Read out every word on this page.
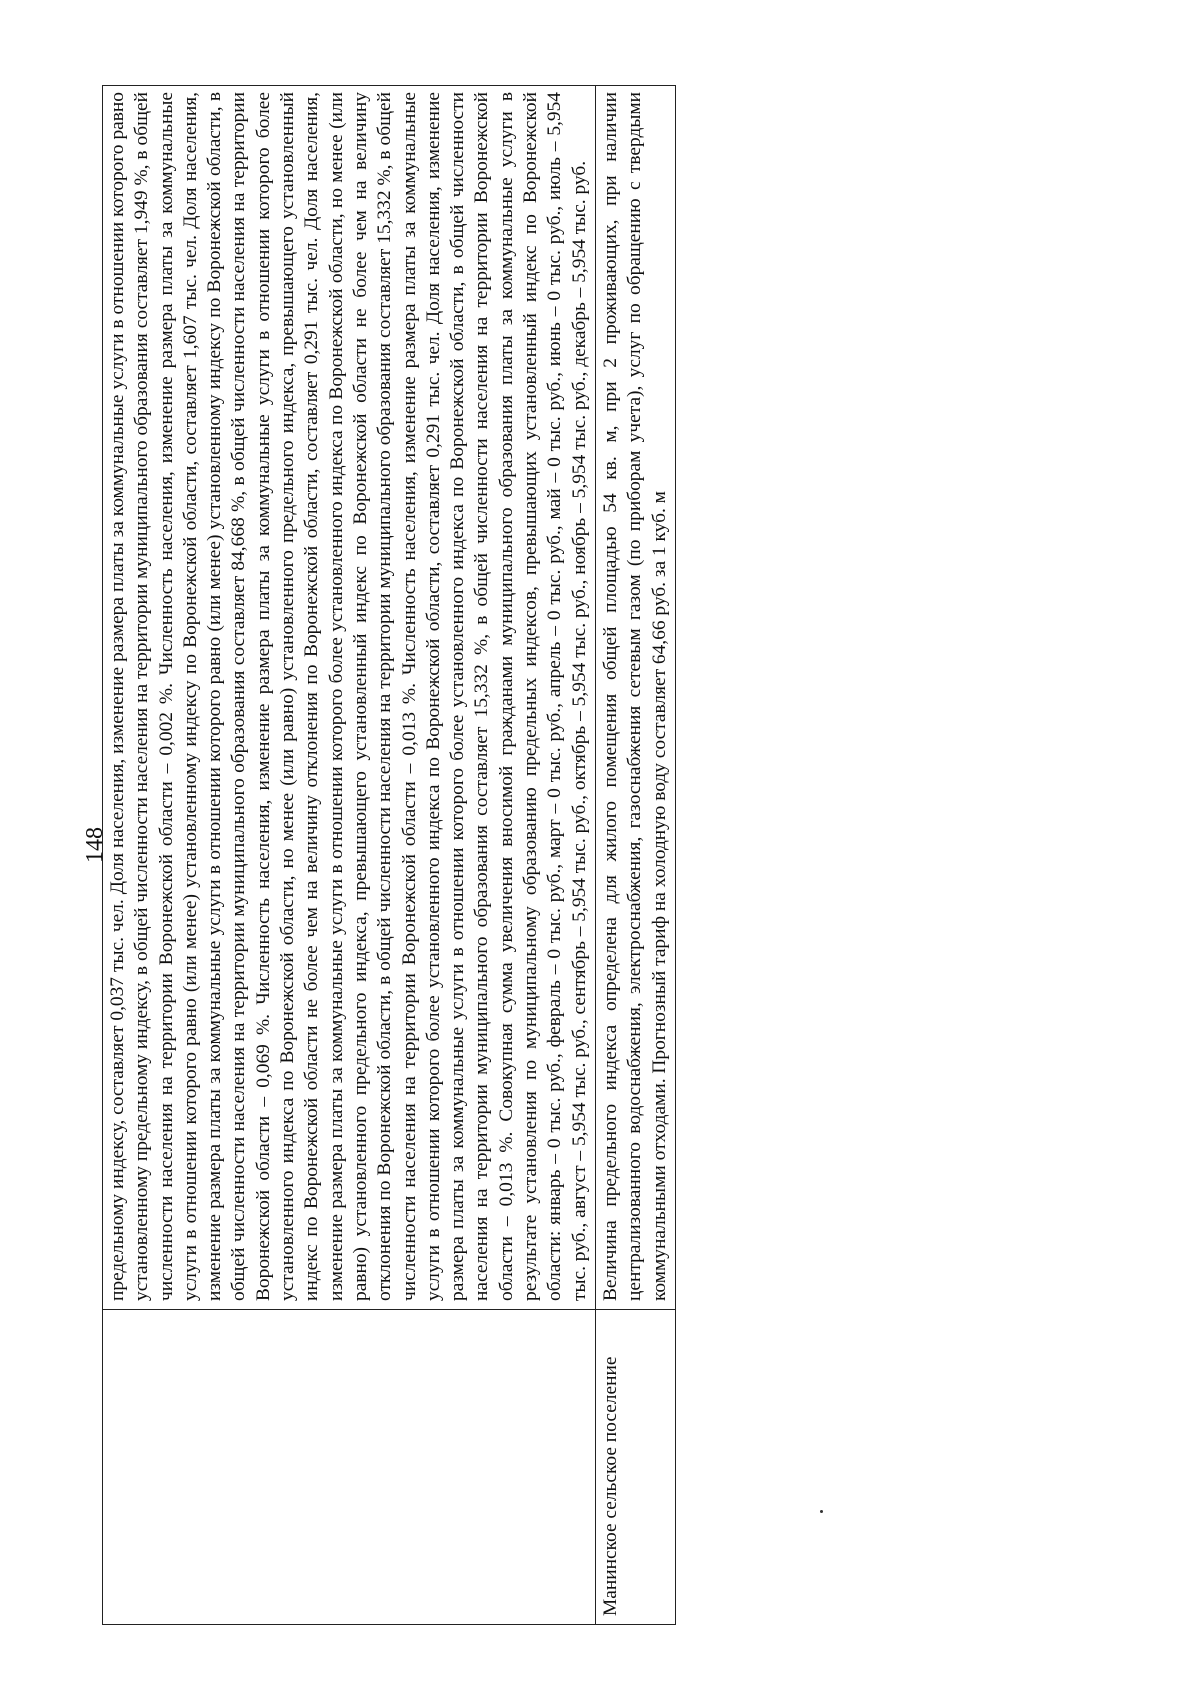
148
	предельному индексу, составляет 0,037 тыс. чел. Доля населения, изменение размера платы за коммунальные услуги в отношении которого равно установленному предельному индексу, в общей численности населения на территории муниципального образования составляет 1,949 %, в общей численности населения на территории Воронежской области – 0,002 %. Численность населения, изменение размера платы за коммунальные услуги в отношении которого равно (или менее) установленному индексу по Воронежской области, составляет 1,607 тыс. чел. Доля населения, изменение размера платы за коммунальные услуги в отношении которого равно (или менее) установленному индексу по Воронежской области, в общей численности населения на территории муниципального образования составляет 84,668 %, в общей численности населения на территории Воронежской области – 0,069 %. Численность населения, изменение размера платы за коммунальные услуги в отношении которого более установленного индекса по Воронежской области, но менее (или равно) установленного предельного индекса, превышающего установленный индекс по Воронежской области не более чем на величину отклонения по Воронежской области, составляет 0,291 тыс. чел. Доля населения, изменение размера платы за коммунальные услуги в отношении которого более установленного индекса по Воронежской области, но менее (или равно) установленного предельного индекса, превышающего установленный индекс по Воронежской области не более чем на величину отклонения по Воронежской области, в общей численности населения на территории муниципального образования составляет 15,332 %, в общей численности населения на территории Воронежской области – 0,013 %. Численность населения, изменение размера платы за коммунальные услуги в отношении которого более установленного индекса по Воронежской области, составляет 0,291 тыс. чел. Доля населения, изменение размера платы за коммунальные услуги в отношении которого более установленного индекса по Воронежской области, в общей численности населения на территории муниципального образования составляет 15,332 %, в общей численности населения на территории Воронежской области – 0,013 %. Совокупная сумма увеличения вносимой гражданами муниципального образования платы за коммунальные услуги в результате установления по муниципальному образованию предельных индексов, превышающих установленный индекс по Воронежской области: январь – 0 тыс. руб., февраль – 0 тыс. руб., март – 0 тыс. руб., апрель – 0 тыс. руб., май – 0 тыс. руб., июнь – 0 тыс. руб., июль – 5,954 тыс. руб., август – 5,954 тыс. руб., сентябрь – 5,954 тыс. руб., октябрь – 5,954 тыс. руб., ноябрь – 5,954 тыс. руб., декабрь – 5,954 тыс. руб.
Манинское сельское поселение	Величина предельного индекса определена для жилого помещения общей площадью 54 кв. м, при 2 проживающих, при наличии централизованного водоснабжения, электроснабжения, газоснабжения сетевым газом (по приборам учета), услуг по обращению с твердыми коммунальными отходами. Прогнозный тариф на холодную воду составляет 64,66 руб. за 1 куб. м
